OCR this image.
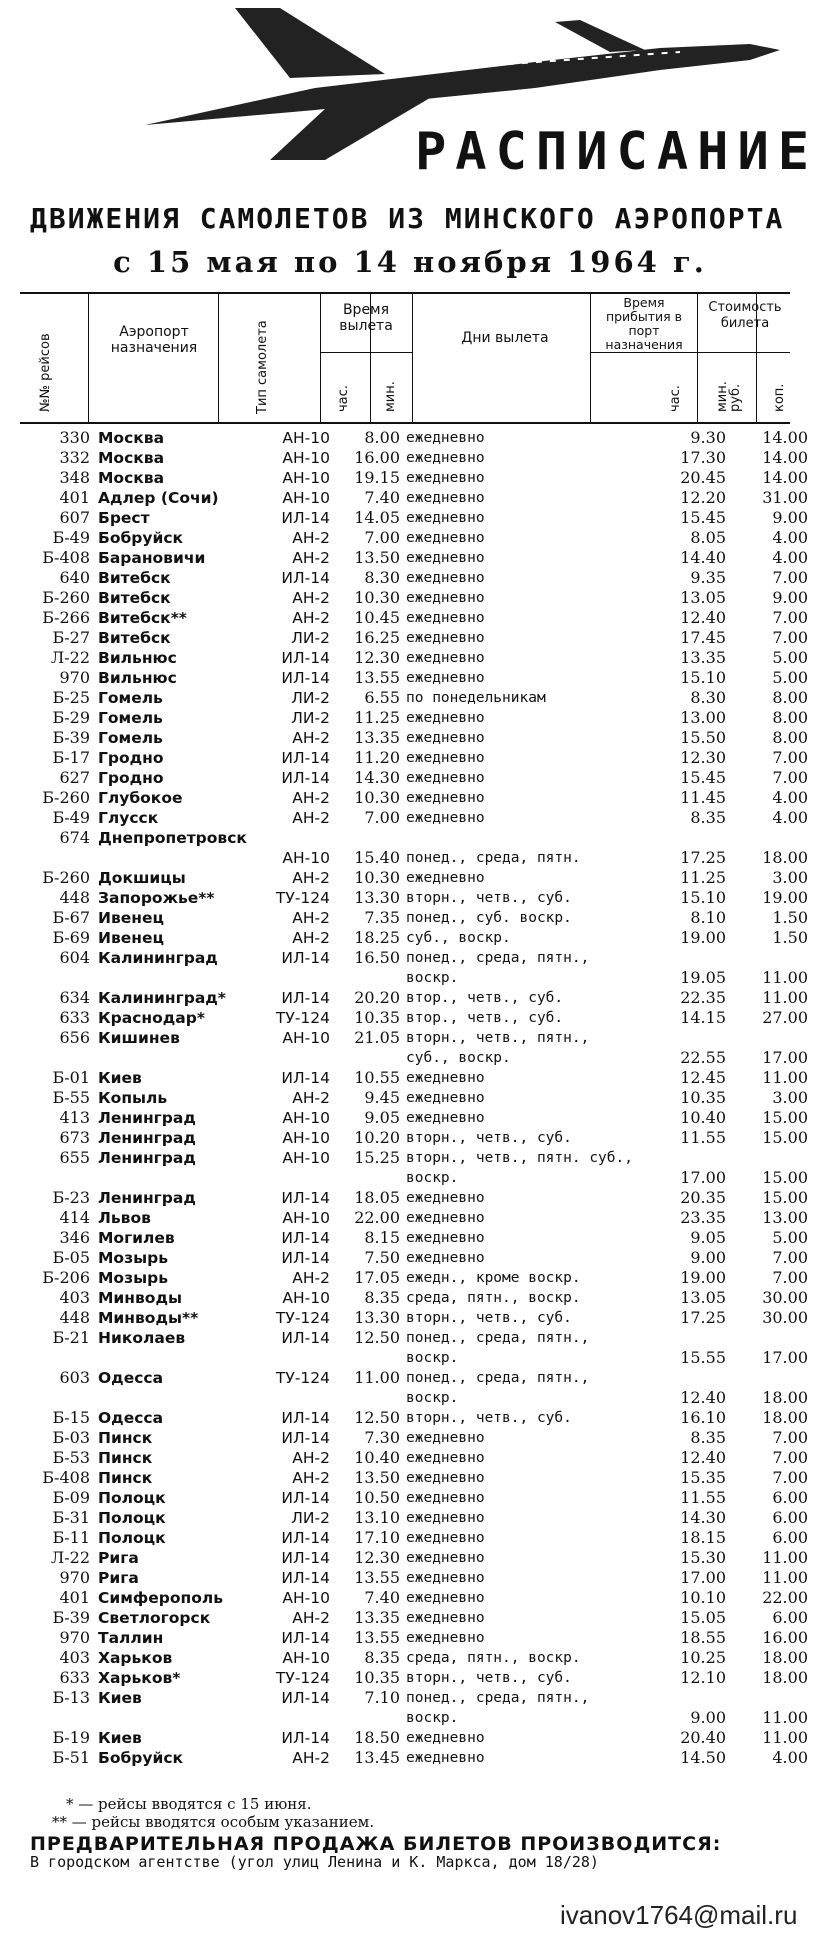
РАСПИСАНИЕ
ДВИЖЕНИЯ САМОЛЕТОВ ИЗ МИНСКОГО АЭРОПОРТА
с 15 мая по 14 ноября 1964 г.
№№ рейсов
Аэропорт назначения	Тип самолета
Время вылета
час. мин.
Дни вылета
Время прибытия в порт назначения
час. мин.
Стоимость билета
руб. коп.
330 Москва	АН-10	8.00 ежедневно	9.30	14.00
332 Москва	АН-10	16.00 ежедневно	17.30	14.00
348 Москва	АН-10	19.15 ежедневно	20.45	14.00
401 Адлер (Сочи)	АН-10	7.40 ежедневно	12.20	31.00
607 Брест	ИЛ-14	14.05 ежедневно	15.45	9.00
Б-49 Бобруйск	АН-2	7.00 ежедневно	8.05	4.00
Б-408 Барановичи	АН-2	13.50 ежедневно	14.40	4.00
640 Витебск	ИЛ-14	8.30 ежедневно	9.35	7.00
Б-260 Витебск	АН-2	10.30 ежедневно	13.05	9.00
Б-266 Витебск**	АН-2	10.45 ежедневно	12.40	7.00
Б-27 Витебск	ЛИ-2	16.25 ежедневно	17.45	7.00
Л-22 Вильнюс	ИЛ-14	12.30 ежедневно	13.35	5.00
970 Вильнюс	ИЛ-14	13.55 ежедневно	15.10	5.00
Б-25 Гомель	ЛИ-2	6.55 по понедельникам	8.30	8.00
Б-29 Гомель	ЛИ-2	11.25 ежедневно	13.00	8.00
Б-39 Гомель	АН-2	13.35 ежедневно	15.50	8.00
Б-17 Гродно	ИЛ-14	11.20 ежедневно	12.30	7.00
627 Гродно	ИЛ-14	14.30 ежедневно	15.45	7.00
Б-260 Глубокое	АН-2	10.30 ежедневно	11.45	4.00
Б-49 Глусск	АН-2	7.00 ежедневно	8.35	4.00
674 Днепропетровск
АН-10	15.40 понед., среда, пятн.	17.25	18.00
Б-260 Докшицы	АН-2	10.30 ежедневно	11.25	3.00
448 Запорожье**	ТУ-124	13.30 вторн., четв., суб.	15.10	19.00
Б-67 Ивенец	АН-2	7.35 понед., суб. воскр.	8.10	1.50
Б-69 Ивенец	АН-2	18.25 суб., воскр.	19.00	1.50
604 Калининград	ИЛ-14	16.50 понед., среда, пятн.,
воскр.	19.05	11.00
634 Калининград*	ИЛ-14	20.20 втор., четв., суб.	22.35	11.00
633 Краснодар*	ТУ-124	10.35 втор., четв., суб.	14.15	27.00
656 Кишинев	АН-10	21.05 вторн., четв., пятн.,
суб., воскр.	22.55	17.00
Б-01 Киев	ИЛ-14	10.55 ежедневно	12.45	11.00
Б-55 Копыль	АН-2	9.45 ежедневно	10.35	3.00
413 Ленинград	АН-10	9.05 ежедневно	10.40	15.00
673 Ленинград	АН-10	10.20 вторн., четв., суб.	11.55	15.00
655 Ленинград	АН-10	15.25 вторн., четв., пятн. суб.,
воскр.	17.00	15.00
Б-23 Ленинград	ИЛ-14	18.05 ежедневно	20.35	15.00
414 Львов	АН-10	22.00 ежедневно	23.35	13.00
346 Могилев	ИЛ-14	8.15 ежедневно	9.05	5.00
Б-05 Мозырь	ИЛ-14	7.50 ежедневно	9.00	7.00
Б-206 Мозырь	АН-2	17.05 ежедн., кроме воскр.	19.00	7.00
403 Минводы	АН-10	8.35 среда, пятн., воскр.	13.05	30.00
448 Минводы**	ТУ-124	13.30 вторн., четв., суб.	17.25	30.00
Б-21 Николаев	ИЛ-14	12.50 понед., среда, пятн.,
воскр.	15.55	17.00
603 Одесса	ТУ-124	11.00 понед., среда, пятн.,
воскр.	12.40	18.00
Б-15 Одесса	ИЛ-14	12.50 вторн., четв., суб.	16.10	18.00
Б-03 Пинск	ИЛ-14	7.30 ежедневно	8.35	7.00
Б-53 Пинск	АН-2	10.40 ежедневно	12.40	7.00
Б-408 Пинск	АН-2	13.50 ежедневно	15.35	7.00
Б-09 Полоцк	ИЛ-14	10.50 ежедневно	11.55	6.00
Б-31 Полоцк	ЛИ-2	13.10 ежедневно	14.30	6.00
Б-11 Полоцк	ИЛ-14	17.10 ежедневно	18.15	6.00
Л-22 Рига	ИЛ-14	12.30 ежедневно	15.30	11.00
970 Рига	ИЛ-14	13.55 ежедневно	17.00	11.00
401 Симферополь	АН-10	7.40 ежедневно	10.10	22.00
Б-39 Светлогорск	АН-2	13.35 ежедневно	15.05	6.00
970 Таллин	ИЛ-14	13.55 ежедневно	18.55	16.00
403 Харьков	АН-10	8.35 среда, пятн., воскр.	10.25	18.00
633 Харьков*	ТУ-124	10.35 вторн., четв., суб.	12.10	18.00
Б-13 Киев	ИЛ-14	7.10 понед., среда, пятн.,
воскр.	9.00	11.00
Б-19 Киев	ИЛ-14	18.50 ежедневно	20.40	11.00
Б-51 Бобруйск	АН-2	13.45 ежедневно	14.50	4.00
* — рейсы вводятся с 15 июня.
** — рейсы вводятся особым указанием.
ПРЕДВАРИТЕЛЬНАЯ ПРОДАЖА БИЛЕТОВ ПРОИЗВОДИТСЯ:
В городском агентстве (угол улиц Ленина и К. Маркса, дом 18/28)
ivanov1764@mail.ru
